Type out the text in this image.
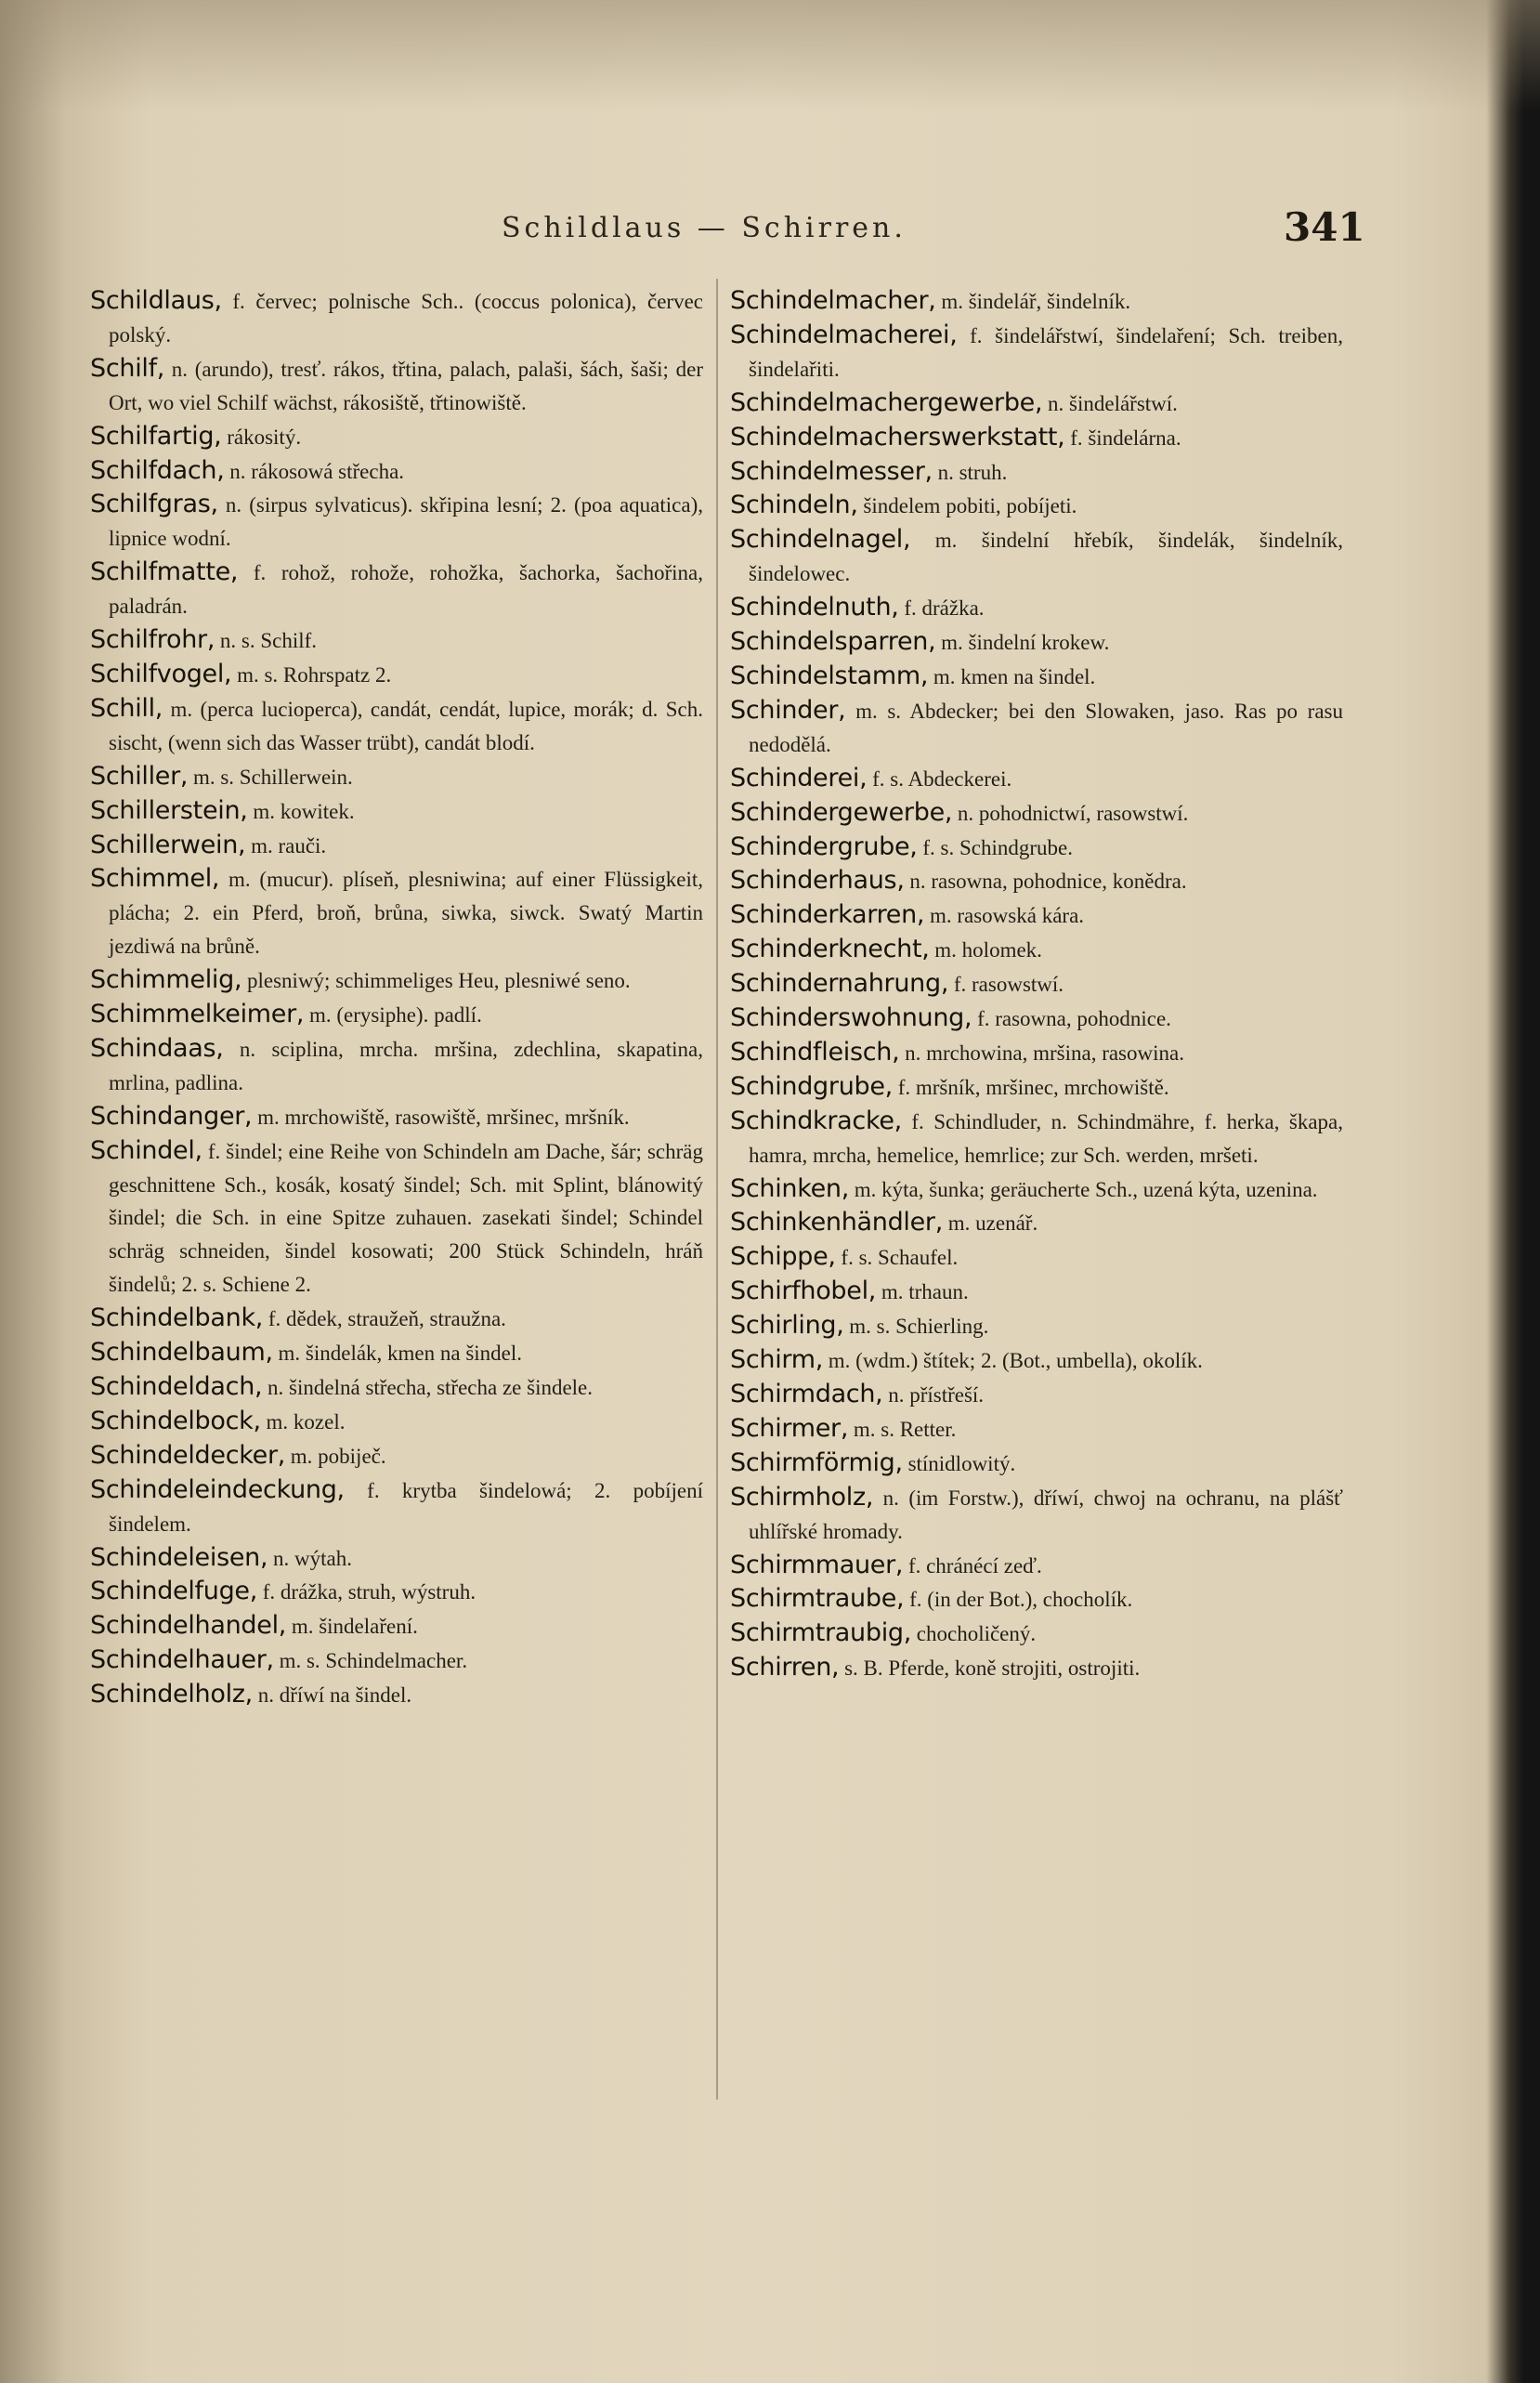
Schildlaus — Schirren.	341

Schildlaus, f. červec; polnische Sch.. (coccus polonica), červec polský.

Schilf, n. (arundo), tresť. rákos, třtina, palach, palaši, šách, šaši; der Ort, wo viel Schilf wächst, rákosiště, třtinowiště.

Schilfartig, rákositý.

Schilfdach, n. rákosowá střecha.

Schilfgras, n. (sirpus sylvaticus). skřipina lesní; 2. (poa aquatica), lipnice wodní.

Schilfmatte, f. rohož, rohože, rohožka, šachorka, šachořina, paladrán.

Schilfrohr, n. s. Schilf.

Schilfvogel, m. s. Rohrspatz 2.

Schill, m. (perca lucioperca), candát, cendát, lupice, morák; d. Sch. sischt, (wenn sich das Wasser trübt), candát blodí.

Schiller, m. s. Schillerwein.

Schillerstein, m. kowitek.

Schillerwein, m. rauči.

Schimmel, m. (mucur). plíseň, plesniwina; auf einer Flüssigkeit, plácha; 2. ein Pferd, broň, brůna, siwka, siwck. Swatý Martin jezdiwá na brůně.

Schimmelig, plesniwý; schimmeliges Heu, plesniwé seno.

Schimmelkeimer, m. (erysiphe). padlí.

Schindaas, n. sciplina, mrcha. mršina, zdechlina, skapatina, mrlina, padlina.

Schindanger, m. mrchowiště, rasowiště, mršinec, mršník.

Schindel, f. šindel; eine Reihe von Schindeln am Dache, šár; schräg geschnittene Sch., kosák, kosatý šindel; Sch. mit Splint, blánowitý šindel; die Sch. in eine Spitze zuhauen. zasekati šindel; Schindel schräg schneiden, šindel kosowati; 200 Stück Schindeln, hráň šindelů; 2. s. Schiene 2.

Schindelbank, f. dědek, straužeň, straužna.

Schindelbaum, m. šindelák, kmen na šindel.

Schindeldach, n. šindelná střecha, střecha ze šindele.

Schindelbock, m. kozel.

Schindeldecker, m. pobiječ.

Schindeleindeckung, f. krytba šindelowá; 2. pobíjení šindelem.

Schindeleisen, n. wýtah.

Schindelfuge, f. drážka, struh, wýstruh.

Schindelhandel, m. šindelaření.

Schindelhauer, m. s. Schindelmacher.

Schindelholz, n. dříwí na šindel.

Schindelmacher, m. šindelář, šindelník.

Schindelmacherei, f. šindelářstwí, šindelaření; Sch. treiben, šindelařiti.

Schindelmachergewerbe, n. šindelářstwí.

Schindelmacherswerkstatt, f. šindelárna.

Schindelmesser, n. struh.

Schindeln, šindelem pobiti, pobíjeti.

Schindelnagel, m. šindelní hřebík, šindelák, šindelník, šindelowec.

Schindelnuth, f. drážka.

Schindelsparren, m. šindelní krokew.

Schindelstamm, m. kmen na šindel.

Schinder, m. s. Abdecker; bei den Slowaken, jaso. Ras po rasu nedodělá.

Schinderei, f. s. Abdeckerei.

Schindergewerbe, n. pohodnictwí, rasowstwí.

Schindergrube, f. s. Schindgrube.

Schinderhaus, n. rasowna, pohodnice, konědra.

Schinderkarren, m. rasowská kára.

Schinderknecht, m. holomek.

Schindernahrung, f. rasowstwí.

Schinderswohnung, f. rasowna, pohodnice.

Schindfleisch, n. mrchowina, mršina, rasowina.

Schindgrube, f. mršník, mršinec, mrchowiště.

Schindkracke, f. Schindluder, n. Schindmähre, f. herka, škapa, hamra, mrcha, hemelice, hemrlice; zur Sch. werden, mršeti.

Schinken, m. kýta, šunka; geräucherte Sch., uzená kýta, uzenina.

Schinkenhändler, m. uzenář.

Schippe, f. s. Schaufel.

Schirfhobel, m. trhaun.

Schirling, m. s. Schierling.

Schirm, m. (wdm.) štítek; 2. (Bot., umbella), okolík.

Schirmdach, n. přístřeší.

Schirmer, m. s. Retter.

Schirmförmig, stínidlowitý.

Schirmholz, n. (im Forstw.), dříwí, chwoj na ochranu, na plášť uhlířské hromady.

Schirmmauer, f. chránécí zeď.

Schirmtraube, f. (in der Bot.), chocholík.

Schirmtraubig, chocholičený.

Schirren, s. B. Pferde, koně strojiti, ostrojiti.
